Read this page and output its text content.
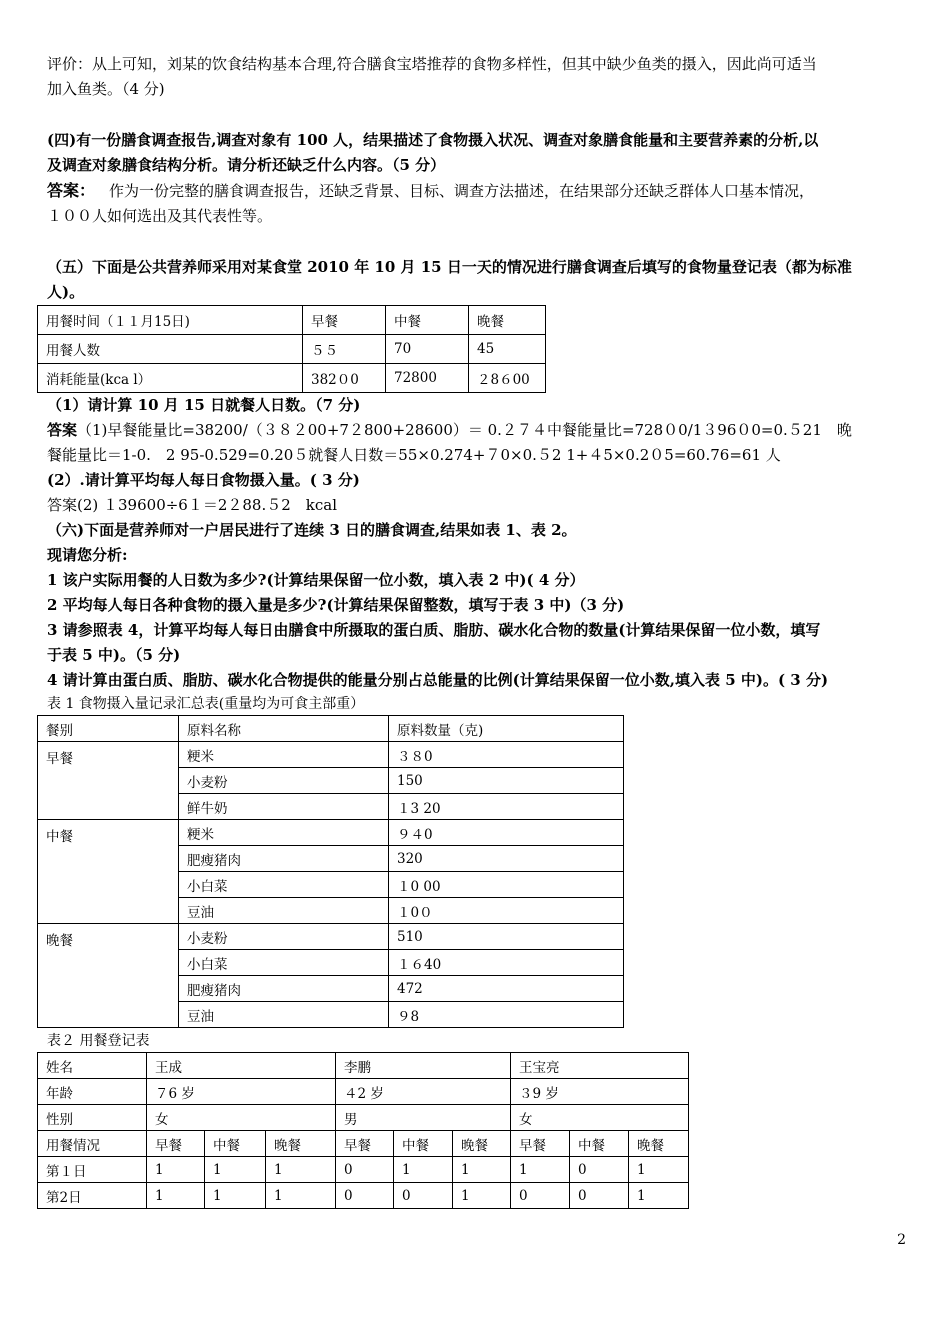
评价：从上可知，刘某的饮食结构基本合理,符合膳食宝塔推荐的食物多样性，但其中缺少鱼类的摄入，因此尚可适当

加入鱼类。（4 分)

(四)有一份膳食调查报告,调查对象有 100 人，结果描述了食物摄入状况、调查对象膳食能量和主要营养素的分析,以

及调查对象膳食结构分析。请分析还缺乏什么内容。（5 分）

答案： 作为一份完整的膳食调查报告，还缺乏背景、目标、调查方法描述，在结果部分还缺乏群体人口基本情况，

１００人如何选出及其代表性等。

（五）下面是公共营养师采用对某食堂 2010 年 10 月 15 日一天的情况进行膳食调查后填写的食物量登记表（都为标准

人)。

用餐时间（１１月15日)	早餐	中餐	晚餐
用餐人数	５５	70	45
消耗能量(kca l）	382０0	72800	２8６00

（1）请计算 10 月 15 日就餐人日数。（7 分)

答案（1)早餐能量比=38200/（３８２00+7２800+28600）＝ 0.２７４中餐能量比=728０0/1３96０0=0.５21　晚

餐能量比＝1-0.　2 95-0.529=0.20５就餐人日数＝55×0.274+７0×0.５2 1+４5×0.2０5=60.76=61 人

(2）.请计算平均每人每日食物摄入量。( 3 分)

答案(2) １39600÷6１＝2２88.５2　kcal

（六)下面是营养师对一户居民进行了连续 3 日的膳食调查,结果如表 1、表 2。

现请您分析:

1 该户实际用餐的人日数为多少?(计算结果保留一位小数，填入表 2 中)( 4 分）

2 平均每人每日各种食物的摄入量是多少?(计算结果保留整数，填写于表 3 中)（3 分)

3 请参照表 4，计算平均每人每日由膳食中所摄取的蛋白质、脂肪、碳水化合物的数量(计算结果保留一位小数，填写

于表 5 中)。（5 分)

4 请计算由蛋白质、脂肪、碳水化合物提供的能量分别占总能量的比例(计算结果保留一位小数,填入表 5 中)。( 3 分)

表 1 食物摄入量记录汇总表(重量均为可食主部重）

餐别	原料名称	原料数量（克)
早餐	粳米	３８0
	小麦粉	150
	鲜牛奶	１3 20
中餐	粳米	９４0
	肥瘦猪肉	320
	小白菜	１0 00
	豆油	１0０
晚餐	小麦粉	510
	小白菜	１６40
	肥瘦猪肉	472
	豆油	９8

表２ 用餐登记表

姓名	王成			李鹏			王宝亮		
年龄	７6 岁			４2 岁			３9 岁		
性别	女			男			女		
用餐情况	早餐	中餐	晚餐	早餐	中餐	晚餐	早餐	中餐	晚餐
第１日	1	1	1	0	1	1	1	0	1
第2日	1	1	1	0	0	1	0	0	1
2
